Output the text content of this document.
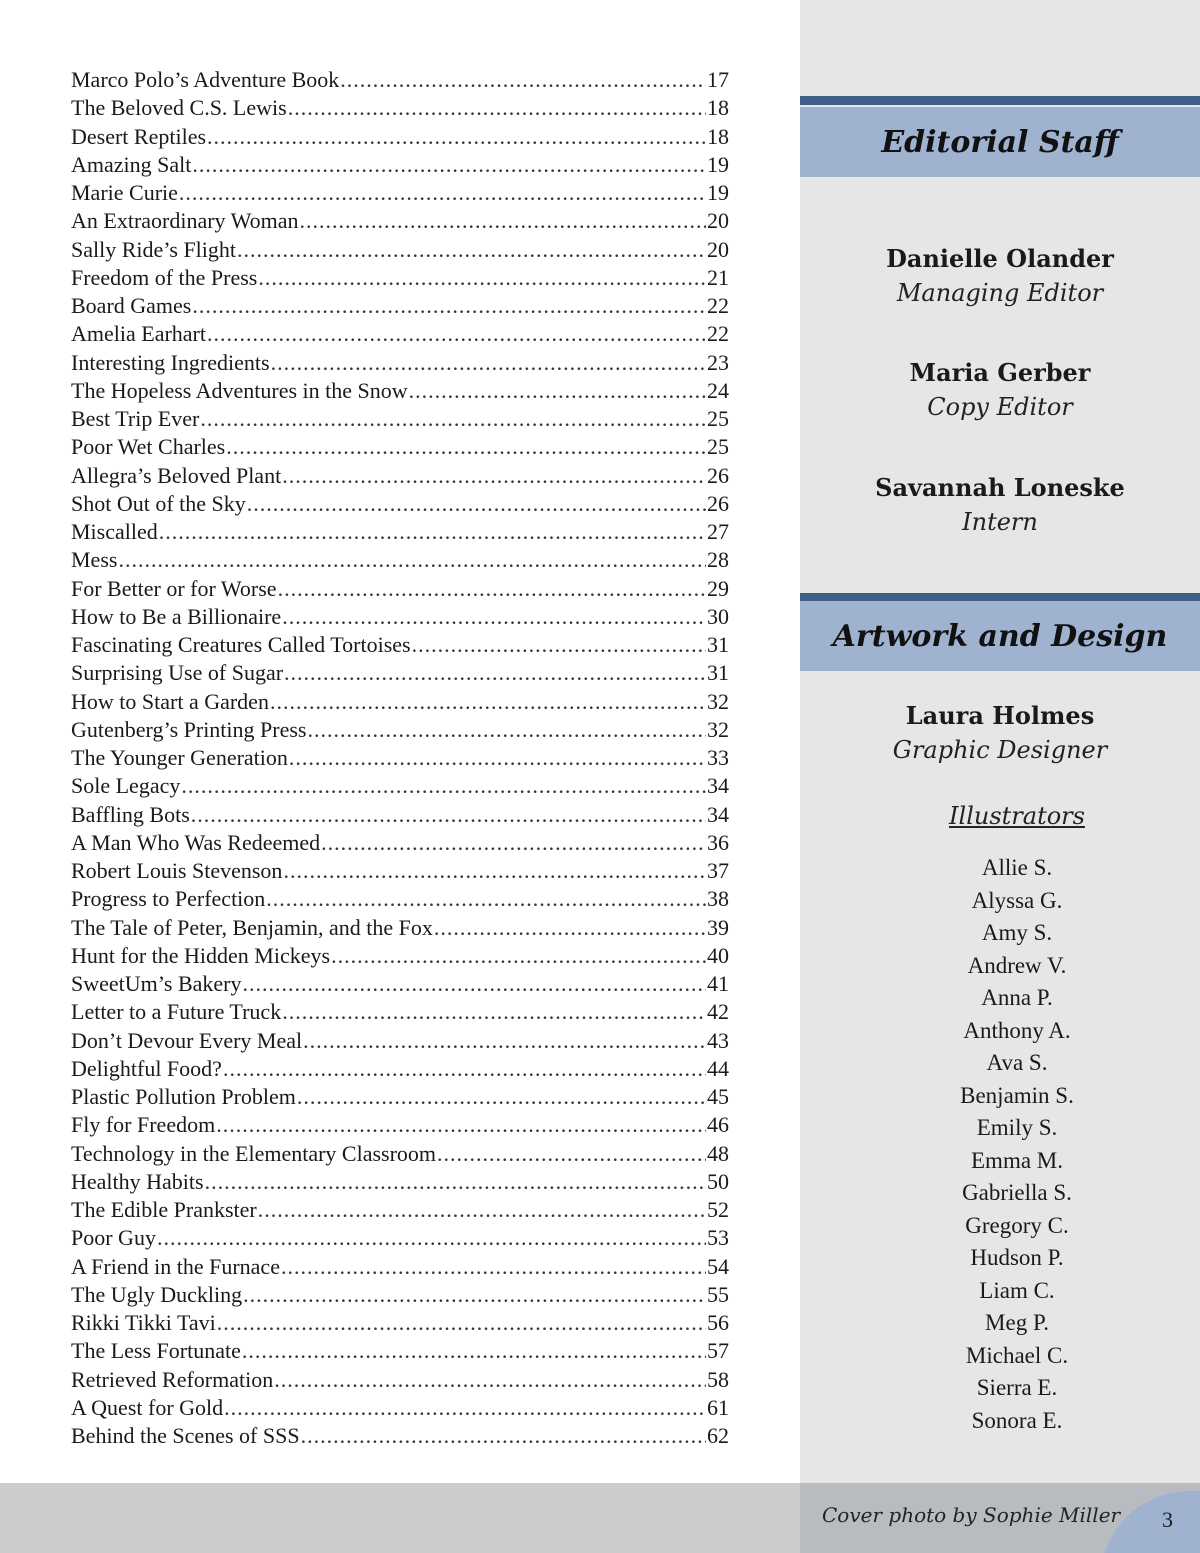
Marco Polo’s Adventure Book .....	17
The Beloved C.S. Lewis .....	18
Desert Reptiles .....	18
Amazing Salt .....	19
Marie Curie .....	19
An Extraordinary Woman .....	20
Sally Ride’s Flight .....	20
Freedom of the Press .....	21
Board Games .....	22
Amelia Earhart .....	22
Interesting Ingredients .....	23
The Hopeless Adventures in the Snow .....	24
Best Trip Ever .....	25
Poor Wet Charles .....	25
Allegra’s Beloved Plant .....	26
Shot Out of the Sky .....	26
Miscalled .....	27
Mess .....	28
For Better or for Worse .....	29
How to Be a Billionaire .....	30
Fascinating Creatures Called Tortoises .....	31
Surprising Use of Sugar .....	31
How to Start a Garden .....	32
Gutenberg’s Printing Press .....	32
The Younger Generation .....	33
Sole Legacy .....	34
Baffling Bots .....	34
A Man Who Was Redeemed .....	36
Robert Louis Stevenson .....	37
Progress to Perfection .....	38
The Tale of Peter, Benjamin, and the Fox .....	39
Hunt for the Hidden Mickeys .....	40
SweetUm’s Bakery .....	41
Letter to a Future Truck .....	42
Don’t Devour Every Meal .....	43
Delightful Food? .....	44
Plastic Pollution Problem .....	45
Fly for Freedom .....	46
Technology in the Elementary Classroom .....	48
Healthy Habits .....	50
The Edible Prankster .....	52
Poor Guy .....	53
A Friend in the Furnace .....	54
The Ugly Duckling .....	55
Rikki Tikki Tavi .....	56
The Less Fortunate .....	57
Retrieved Reformation .....	58
A Quest for Gold .....	61
Behind the Scenes of SSS .....	62
Editorial Staff
Danielle Olander
Managing Editor
Maria Gerber
Copy Editor
Savannah Loneske
Intern
Artwork and Design
Laura Holmes
Graphic Designer
Illustrators
Allie S.
Alyssa G.
Amy S.
Andrew V.
Anna P.
Anthony A.
Ava S.
Benjamin S.
Emily S.
Emma M.
Gabriella S.
Gregory C.
Hudson P.
Liam C.
Meg P.
Michael C.
Sierra E.
Sonora E.
Cover photo by Sophie Miller 3
